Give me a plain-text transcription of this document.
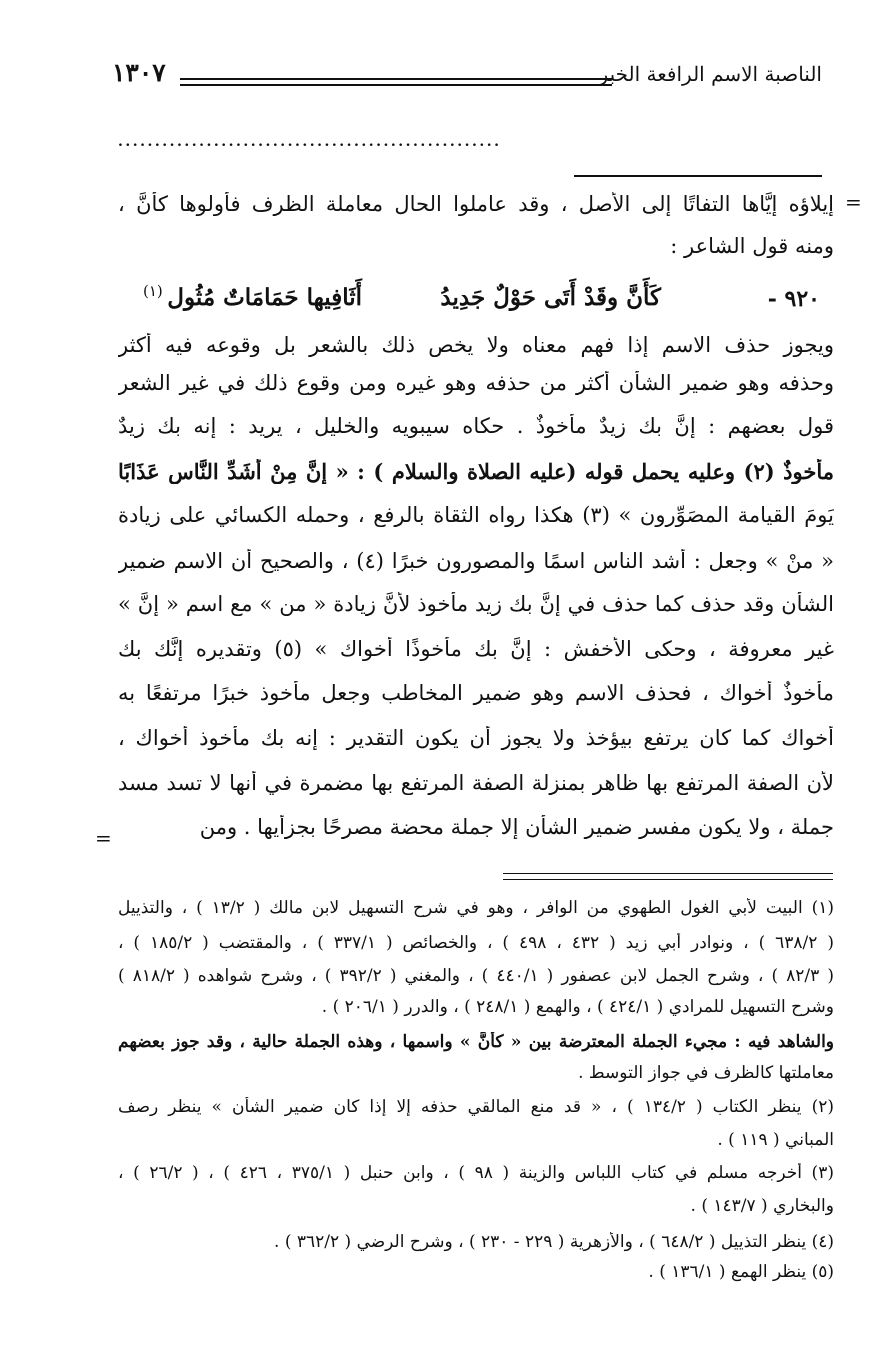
الناصبة الاسم الرافعة الخبر
١٣٠٧
....................................................
=
=
إيلاؤه إيَّاها التفاتًا إلى الأصل ، وقد عاملوا الحال معاملة الظرف فأولوها كأنَّ ،
ومنه قول الشاعر :
٩٢٠ -
كَأَنَّ وقَدْ أَتَى حَوْلٌ جَدِيدُ
أَثَافِيها حَمَامَاتٌ مُثُول
(١)
ويجوز حذف الاسم إذا فهم معناه ولا يخص ذلك بالشعر بل وقوعه فيه أكثر
وحذفه وهو ضمير الشأن أكثر من حذفه وهو غيره ومن وقوع ذلك في غير الشعر
قول بعضهم : إنَّ بك زيدٌ مأخوذٌ . حكاه سيبويه والخليل ، يريد : إنه بك زيدٌ
مأخوذٌ (٢) وعليه يحمل قوله (عليه الصلاة والسلام ) : « إِنَّ مِنْ أَشَدِّ النَّاسِ عَذَابًا
يَومَ القيامة المصَوِّرون » (٣) هكذا رواه الثقاة بالرفع ، وحمله الكسائي على زيادة
« منْ » وجعل : أشد الناس اسمًا والمصورون خبرًا (٤) ، والصحيح أن الاسم ضمير
الشأن وقد حذف كما حذف في إنَّ بك زيد مأخوذ لأنَّ زيادة « من » مع اسم « إنَّ »
غير معروفة ، وحكى الأخفش : إنَّ بك مأخوذًا أخواك » (٥) وتقديره إنَّك بك
مأخوذٌ أخواك ، فحذف الاسم وهو ضمير المخاطب وجعل مأخوذ خبرًا مرتفعًا به
أخواك كما كان يرتفع بيؤخذ ولا يجوز أن يكون التقدير : إنه بك مأخوذ أخواك ،
لأن الصفة المرتفع بها ظاهر بمنزلة الصفة المرتفع بها مضمرة في أنها لا تسد مسد
جملة ، ولا يكون مفسر ضمير الشأن إلا جملة محضة مصرحًا بجزأيها . ومن
(١) البيت لأبي الغول الطهوي من الوافر ، وهو في شرح التسهيل لابن مالك ( ١٣/٢ ) ، والتذييل
( ٦٣٨/٢ ) ، ونوادر أبي زيد ( ٤٣٢ ، ٤٩٨ ) ، والخصائص ( ٣٣٧/١ ) ، والمقتضب ( ١٨٥/٢ ) ،
( ٨٢/٣ ) ، وشرح الجمل لابن عصفور ( ٤٤٠/١ ) ، والمغني ( ٣٩٢/٢ ) ، وشرح شواهده ( ٨١٨/٢ )
وشرح التسهيل للمرادي ( ٤٢٤/١ ) ، والهمع ( ٢٤٨/١ ) ، والدرر ( ٢٠٦/١ ) .
والشاهد فيه : مجيء الجملة المعترضة بين « كأنَّ » واسمها ، وهذه الجملة حالية ، وقد جوز بعضهم
معاملتها كالظرف في جواز التوسط .
(٢) ينظر الكتاب ( ١٣٤/٢ ) ، « قد منع المالقي حذفه إلا إذا كان ضمير الشأن » ينظر رصف
المباني ( ١١٩ ) .
(٣) أخرجه مسلم في كتاب اللباس والزينة ( ٩٨ ) ، وابن حنبل ( ٣٧٥/١ ، ٤٢٦ ) ، ( ٢٦/٢ ) ،
والبخاري ( ١٤٣/٧ ) .
(٤) ينظر التذييل ( ٦٤٨/٢ ) ، والأزهرية ( ٢٢٩ - ٢٣٠ ) ، وشرح الرضي ( ٣٦٢/٢ ) .
(٥) ينظر الهمع ( ١٣٦/١ ) .
